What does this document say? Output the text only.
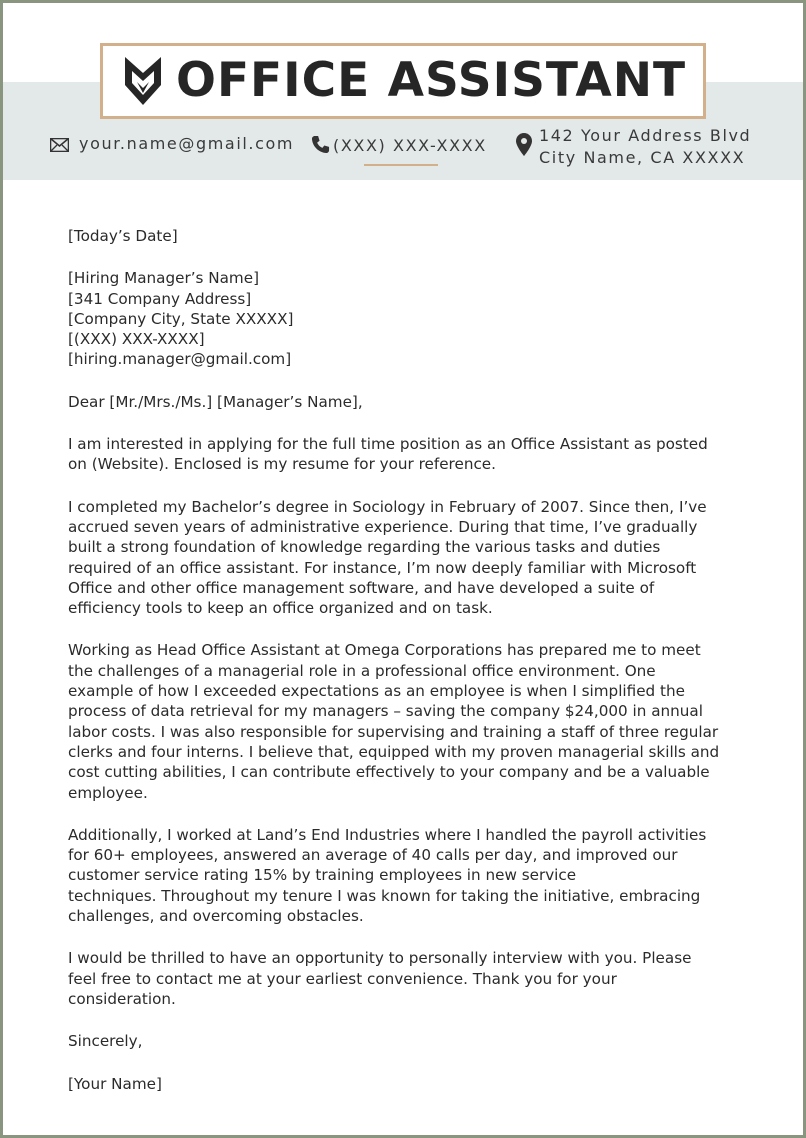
OFFICE ASSISTANT
your.name@gmail.com (XXX) XXX-XXXX
142 Your Address Blvd
City Name, CA XXXXX

[Today’s Date]

[Hiring Manager’s Name]

[341 Company Address]

[Company City, State XXXXX]

[(XXX) XXX-XXXX]

[hiring.manager@gmail.com]

Dear [Mr./Mrs./Ms.] [Manager’s Name],

I am interested in applying for the full time position as an Office Assistant as posted

on (Website). Enclosed is my resume for your reference.

I completed my Bachelor’s degree in Sociology in February of 2007. Since then, I’ve

accrued seven years of administrative experience. During that time, I’ve gradually

built a strong foundation of knowledge regarding the various tasks and duties

required of an office assistant. For instance, I’m now deeply familiar with Microsoft

Office and other office management software, and have developed a suite of

efficiency tools to keep an office organized and on task.

Working as Head Office Assistant at Omega Corporations has prepared me to meet

the challenges of a managerial role in a professional office environment. One

example of how I exceeded expectations as an employee is when I simplified the

process of data retrieval for my managers – saving the company $24,000 in annual

labor costs. I was also responsible for supervising and training a staff of three regular

clerks and four interns. I believe that, equipped with my proven managerial skills and

cost cutting abilities, I can contribute effectively to your company and be a valuable

employee.

Additionally, I worked at Land’s End Industries where I handled the payroll activities

for 60+ employees, answered an average of 40 calls per day, and improved our

customer service rating 15% by training employees in new service

techniques. Throughout my tenure I was known for taking the initiative, embracing

challenges, and overcoming obstacles.

I would be thrilled to have an opportunity to personally interview with you. Please

feel free to contact me at your earliest convenience. Thank you for your

consideration.

Sincerely,

[Your Name]
